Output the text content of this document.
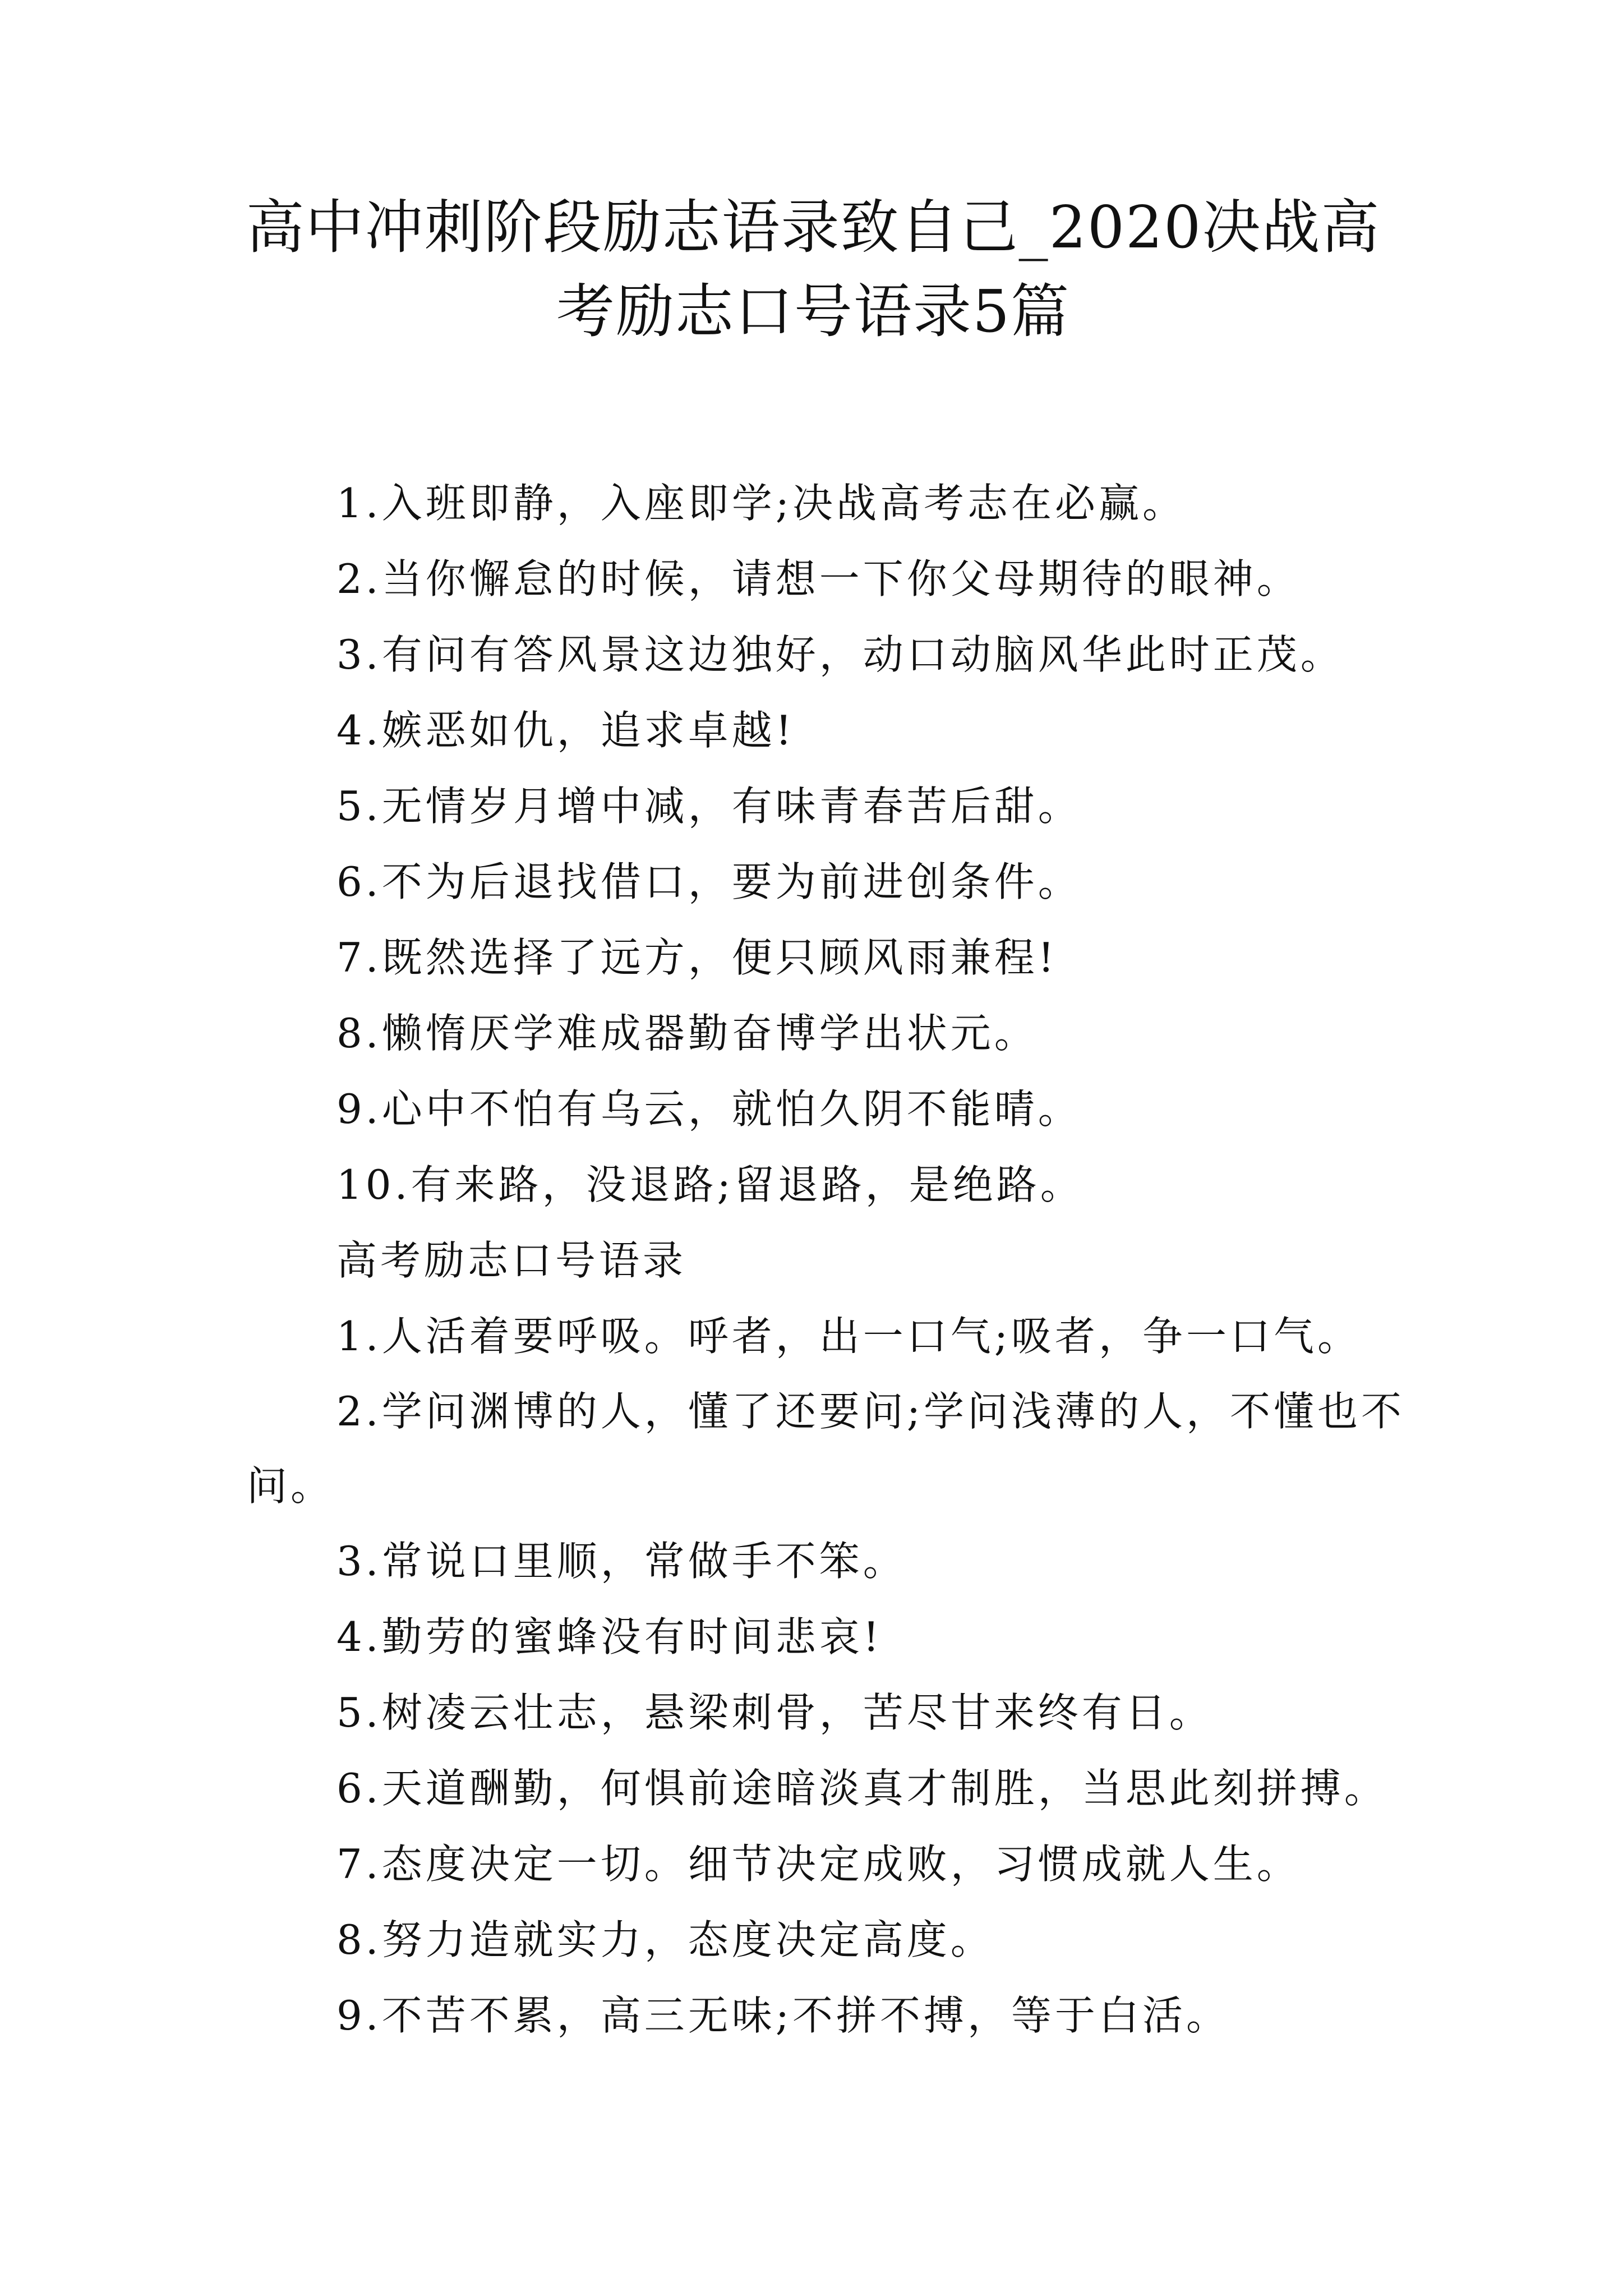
高中冲刺阶段励志语录致自己_2020决战高
考励志口号语录5篇

1.入班即静，入座即学;决战高考志在必赢。

2.当你懈怠的时候，请想一下你父母期待的眼神。

3.有问有答风景这边独好，动口动脑风华此时正茂。

4.嫉恶如仇，追求卓越!

5.无情岁月增中减，有味青春苦后甜。

6.不为后退找借口，要为前进创条件。

7.既然选择了远方，便只顾风雨兼程!

8.懒惰厌学难成器勤奋博学出状元。

9.心中不怕有乌云，就怕久阴不能晴。

10.有来路，没退路;留退路，是绝路。

高考励志口号语录

1.人活着要呼吸。呼者，出一口气;吸者，争一口气。

2.学问渊博的人，懂了还要问;学问浅薄的人，不懂也不问。

3.常说口里顺，常做手不笨。

4.勤劳的蜜蜂没有时间悲哀!

5.树凌云壮志，悬梁刺骨，苦尽甘来终有日。

6.天道酬勤，何惧前途暗淡真才制胜，当思此刻拼搏。

7.态度决定一切。细节决定成败，习惯成就人生。

8.努力造就实力，态度决定高度。

9.不苦不累，高三无味;不拼不搏，等于白活。
